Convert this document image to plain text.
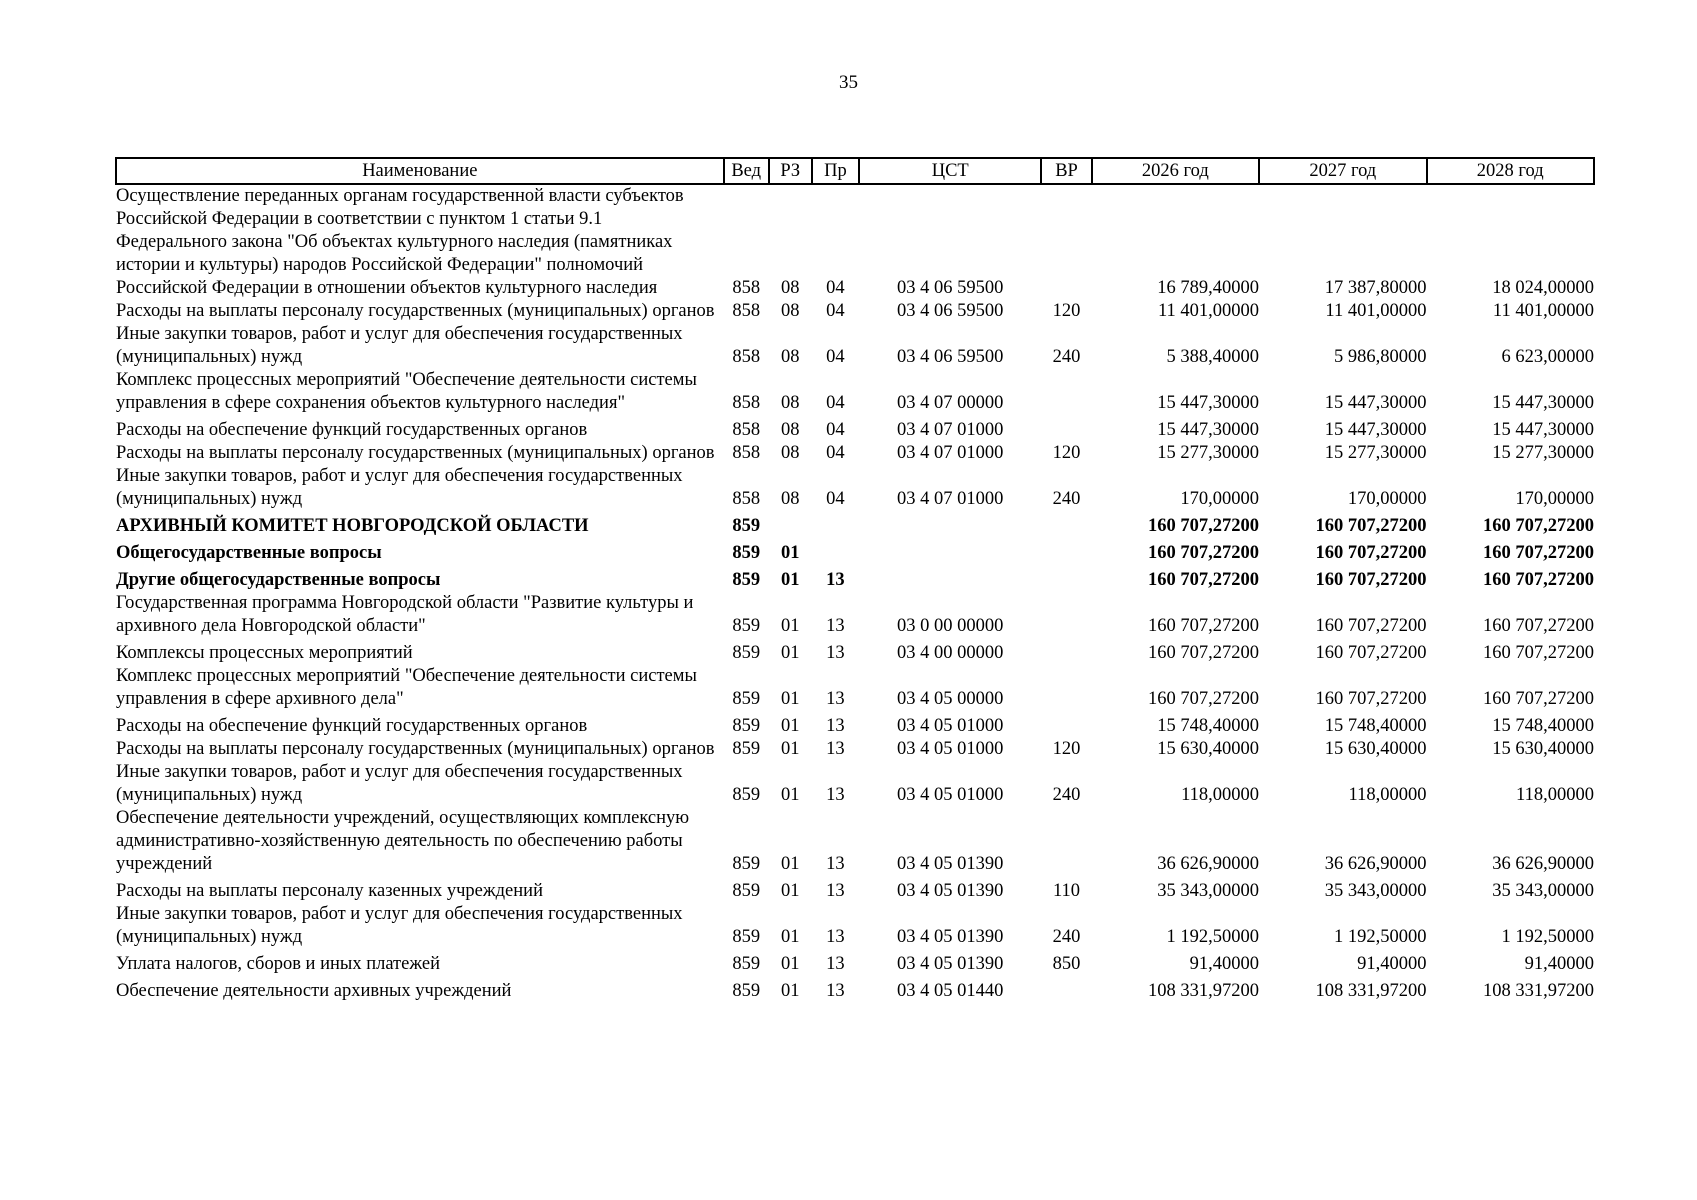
35
Наименование	Вед	РЗ	Пр	ЦСТ	ВР	2026 год	2027 год	2028 год
Осуществление переданных органам государственной власти субъектов Российской Федерации в соответствии с пунктом 1 статьи 9.1 Федерального закона "Об объектах культурного наследия (памятниках истории и культуры) народов Российской Федерации" полномочий Российской Федерации в отношении объектов культурного наследия	858	08	04	03 4 06 59500		16 789,40000	17 387,80000	18 024,00000
Расходы на выплаты персоналу государственных (муниципальных) органов	858	08	04	03 4 06 59500	120	11 401,00000	11 401,00000	11 401,00000
Иные закупки товаров, работ и услуг для обеспечения государственных (муниципальных) нужд	858	08	04	03 4 06 59500	240	5 388,40000	5 986,80000	6 623,00000
Комплекс процессных мероприятий "Обеспечение деятельности системы управления в сфере сохранения объектов культурного наследия"	858	08	04	03 4 07 00000		15 447,30000	15 447,30000	15 447,30000
Расходы на обеспечение функций государственных органов	858	08	04	03 4 07 01000		15 447,30000	15 447,30000	15 447,30000
Расходы на выплаты персоналу государственных (муниципальных) органов	858	08	04	03 4 07 01000	120	15 277,30000	15 277,30000	15 277,30000
Иные закупки товаров, работ и услуг для обеспечения государственных (муниципальных) нужд	858	08	04	03 4 07 01000	240	170,00000	170,00000	170,00000
АРХИВНЫЙ КОМИТЕТ НОВГОРОДСКОЙ ОБЛАСТИ	859					160 707,27200	160 707,27200	160 707,27200
Общегосударственные вопросы	859	01				160 707,27200	160 707,27200	160 707,27200
Другие общегосударственные вопросы	859	01	13			160 707,27200	160 707,27200	160 707,27200
Государственная программа Новгородской области "Развитие культуры и архивного дела Новгородской области"	859	01	13	03 0 00 00000		160 707,27200	160 707,27200	160 707,27200
Комплексы процессных мероприятий	859	01	13	03 4 00 00000		160 707,27200	160 707,27200	160 707,27200
Комплекс процессных мероприятий "Обеспечение деятельности системы управления в сфере архивного дела"	859	01	13	03 4 05 00000		160 707,27200	160 707,27200	160 707,27200
Расходы на обеспечение функций государственных органов	859	01	13	03 4 05 01000		15 748,40000	15 748,40000	15 748,40000
Расходы на выплаты персоналу государственных (муниципальных) органов	859	01	13	03 4 05 01000	120	15 630,40000	15 630,40000	15 630,40000
Иные закупки товаров, работ и услуг для обеспечения государственных (муниципальных) нужд	859	01	13	03 4 05 01000	240	118,00000	118,00000	118,00000
Обеспечение деятельности учреждений, осуществляющих комплексную административно-хозяйственную деятельность по обеспечению работы учреждений	859	01	13	03 4 05 01390		36 626,90000	36 626,90000	36 626,90000
Расходы на выплаты персоналу казенных учреждений	859	01	13	03 4 05 01390	110	35 343,00000	35 343,00000	35 343,00000
Иные закупки товаров, работ и услуг для обеспечения государственных (муниципальных) нужд	859	01	13	03 4 05 01390	240	1 192,50000	1 192,50000	1 192,50000
Уплата налогов, сборов и иных платежей	859	01	13	03 4 05 01390	850	91,40000	91,40000	91,40000
Обеспечение деятельности архивных учреждений	859	01	13	03 4 05 01440		108 331,97200	108 331,97200	108 331,97200
